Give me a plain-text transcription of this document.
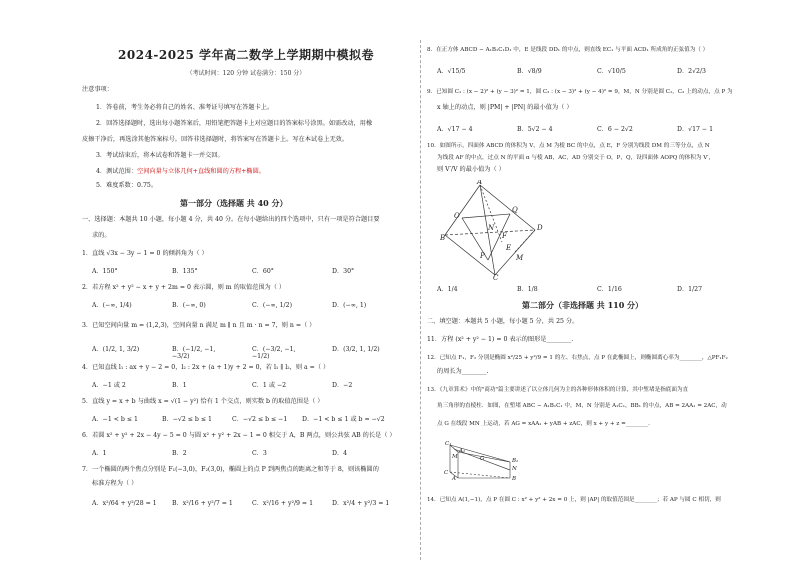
2024-2025 学年高二数学上学期期中模拟卷
（考试时间：120 分钟 试卷满分：150 分）
注意事项：
1．答卷前，考生务必将自己的姓名、准考证号填写在答题卡上。
2．回答选择题时，选出每小题答案后，用铅笔把答题卡上对应题目的答案标号涂黑。如需改动，用橡
皮擦干净后，再选涂其他答案标号。回答非选择题时，将答案写在答题卡上。写在本试卷上无效。
3．考试结束后，将本试卷和答题卡一并交回。
4．测试范围：空间向量与立体几何+直线和圆的方程+椭圆。
5．难度系数：0.75。
第一部分（选择题 共 40 分）
一、选择题：本题共 10 小题，每小题 4 分，共 40 分。在每小题给出的四个选项中，只有一项是符合题目要
求的。
1．直线 √3x − 3y − 1 = 0 的倾斜角为（ ）
A．150°	B．135°	C．60°	D．30°
2．若方程 x² + y² − x + y + 2m = 0 表示圆，则 m 的取值范围为（ ）
A．(−∞, 1/4)	B．(−∞, 0)	C．(−∞, 1/2)	D．(−∞, 1)
3．已知空间向量 m = (1,2,3)，空间向量 n 满足 m ∥ n 且 m · n = 7，则 n =（ ）
A．(1/2, 1, 3/2)	B．(−1/2, −1, −3/2)
C．(−3/2, −1, −1/2)
D．(3/2, 1, 1/2)
4．已知直线 l₁ : ax + y − 2 = 0，l₂ : 2x + (a + 1)y + 2 = 0，若 l₁ ∥ l₂，则 a =（ ）
A．−1 或 2	B．1	C．1 或 −2	D．−2
5．直线 y = x + b 与曲线 x = √(1 − y²) 恰有 1 个交点，则实数 b 的取值范围是（ ）
A．−1 < b ≤ 1	B．−√2 ≤ b ≤ 1	C．−√2 ≤ b ≤ −1	D．−1 < b ≤ 1 或 b = −√2
6．若圆 x² + y² + 2x − 4y − 5 = 0 与圆 x² + y² + 2x − 1 = 0 相交于 A，B 两点，则公共弦 AB 的长是（ ）
A．1	B．2	C．3	D．4
7．一个椭圆的两个焦点分别是 F₁(−3,0)，F₂(3,0)，椭圆上的点 P 到两焦点的距离之和等于 8，则该椭圆的
标准方程为（ ）
A．x²/64 + y²/28 = 1	B．x²/16 + y²/7 = 1	C．x²/16 + y²/9 = 1	D．x²/4 + y²/3 = 1
8．在正方体 ABCD − A₁B₁C₁D₁ 中，E 是线段 DD₁ 的中点，则直线 EC₁ 与平面 ACD₁ 所成角的正弦值为（ ）
A．√15/5	B．√8/9	C．√10/5	D．2√2/3
9．已知圆 C₁ : (x − 2)² + (y − 3)² = 1，圆 C₂ : (x − 3)² + (y − 4)² = 9，M，N 分别是圆 C₁，C₂ 上的动点，点 P 为
x 轴上的动点，则 |PM| + |PN| 的最小值为（ ）
A．√17 − 4	B．5√2 − 4	C．6 − 2√2	D．√17 − 1
10．如图所示，四面体 ABCD 的体积为 V，点 M 为棱 BC 的中点，点 E，F 分别为线段 DM 的三等分点，点 N
为线段 AF 的中点，过点 N 的平面 α 与棱 AB，AC，AD 分别交于 O，P，Q，设四面体 AOPQ 的体积为 V′，
则 V′/V 的最小值为（ ）
A
O
Q
P
N
F
E
D
B
M
C
A．1/4	B．1/8	C．1/16	D．1/27
第二部分（非选择题 共 110 分）
二、填空题：本题共 5 小题，每小题 5 分，共 25 分。
11．方程 (x² + y² − 1) = 0 表示的图形是________.
12．已知点 F₁，F₂ 分别是椭圆 x²/25 + y²/9 = 1 的左、右焦点，点 P 在此椭圆上，则椭圆离心率为________，△PF₁F₂
的周长为________.
13．《九章算术》中的"商功"篇主要讲述了以立体几何为主的各种形体体积的计算，其中堑堵是指底面为直
角三角形的直棱柱．如图，在堑堵 ABC − A₁B₁C₁ 中，M，N 分别是 A₁C₁，BB₁ 的中点，AB = 2AA₁ = 2AC，动
点 G 在线段 MN 上运动，若 AG = xAA₁ + yAB + zAC，则 x + y + z =________.
C₁
A₁
M	G
N
A
C
B
B₁
14．已知点 A(1,−1)，点 P 在圆 C : x² + y² + 2x = 0 上，则 |AP| 的取值范围是________；若 AP 与圆 C 相切，则
